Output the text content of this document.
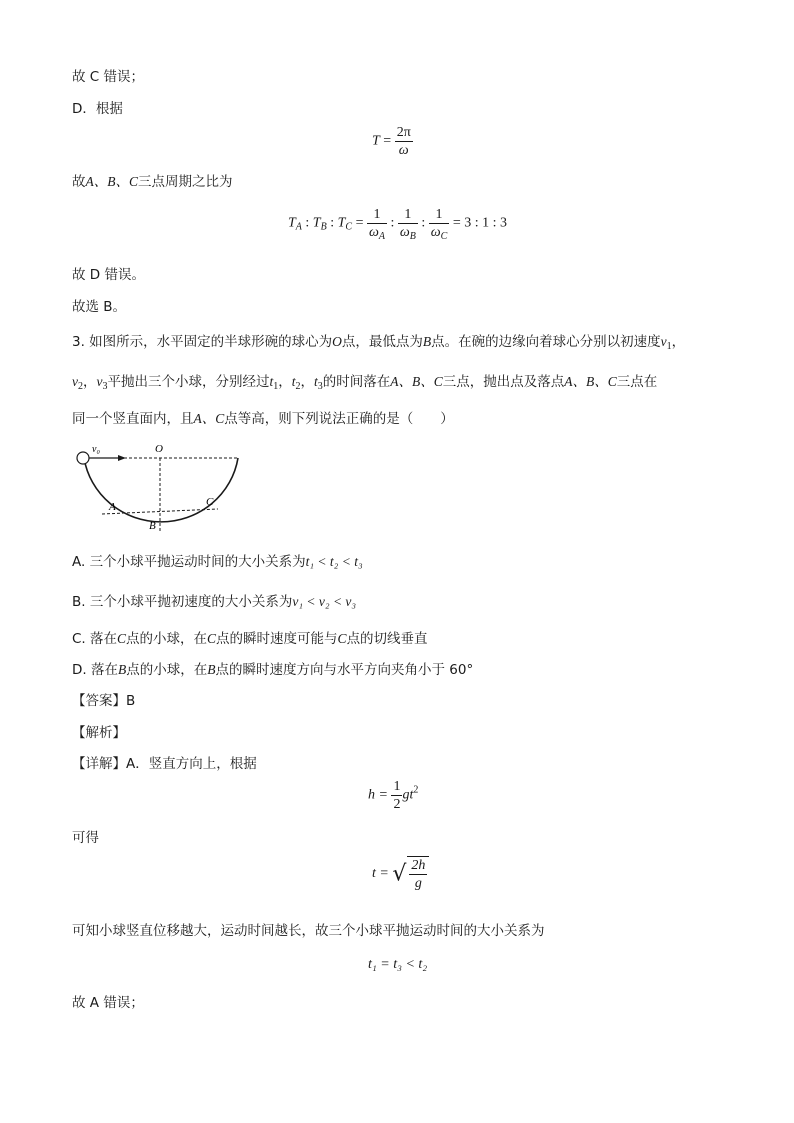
故 C 错误；
D．根据
$T = \frac{2\pi}{\omega}$
故A、B、C三点周期之比为
$T_A$ : $T_B$ : $T_C = \frac{1}{\omega_A}$ : $\frac{1}{\omega_B}$ : $\frac{1}{\omega_C} = 3$ : 1 : 3
故 D 错误。
故选 B。
3. 如图所示，水平固定的半球形碗的球心为O点，最低点为B点。在碗的边缘向着球心分别以初速度$v_1$，
$v_2$，$v_3$平抛出三个小球，分别经过$t_1$，$t_2$，$t_3$的时间落在A、B、C三点，抛出点及落点A、B、C三点在
同一个竖直面内，且A、C点等高，则下列说法正确的是（　　）
v₀	O
A	C
B
A. 三个小球平抛运动时间的大小关系为t₁ < t₂ < t₃
B. 三个小球平抛初速度的大小关系为v₁ < v₂ < v₃
C. 落在C点的小球，在C点的瞬时速度可能与C点的切线垂直
D. 落在B点的小球，在B点的瞬时速度方向与水平方向夹角小于 60°
【答案】B
【解析】
【详解】A．竖直方向上，根据
$h = \frac{1}{2} gt^2$
可得
t = √ $\frac{2h}{g}$
可知小球竖直位移越大，运动时间越长，故三个小球平抛运动时间的大小关系为
t₁ = t₃ < t₂
故 A 错误；
